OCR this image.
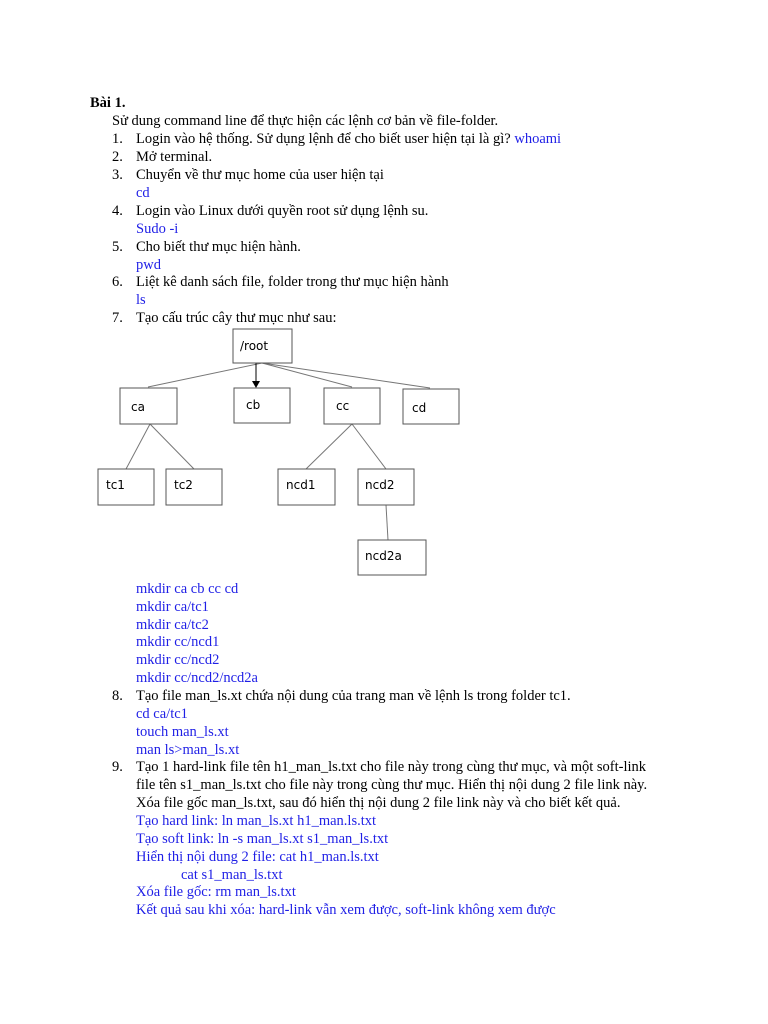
Bài 1.
Sử dung command line để thực hiện các lệnh cơ bản về file-folder.
1. Login vào hệ thống. Sử dụng lệnh để cho biết user hiện tại là gì? whoami
2. Mở terminal.
3. Chuyển về thư mục home của user hiện tại
cd
4. Login vào Linux dưới quyền root sử dụng lệnh su.
Sudo -i
5. Cho biết thư mục hiện hành.
pwd
6. Liệt kê danh sách file, folder trong thư mục hiện hành
ls
7. Tạo cấu trúc cây thư mục như sau:
/root
ca	cb	cc	cd
tc1	tc2	ncd1	ncd2
ncd2a
mkdir ca cb cc cd
mkdir ca/tc1
mkdir ca/tc2
mkdir cc/ncd1
mkdir cc/ncd2
mkdir cc/ncd2/ncd2a
8. Tạo file man_ls.xt chứa nội dung của trang man về lệnh ls trong folder tc1.
cd ca/tc1
touch man_ls.xt
man ls>man_ls.xt
9. Tạo 1 hard-link file tên h1_man_ls.txt cho file này trong cùng thư mục, và một soft-link
file tên s1_man_ls.txt cho file này trong cùng thư mục. Hiển thị nội dung 2 file link này.
Xóa file gốc man_ls.txt, sau đó hiển thị nội dung 2 file link này và cho biết kết quả.
Tạo hard link: ln man_ls.xt h1_man.ls.txt
Tạo soft link: ln -s man_ls.xt s1_man_ls.txt
Hiển thị nội dung 2 file: cat h1_man.ls.txt
cat s1_man_ls.txt
Xóa file gốc: rm man_ls.txt
Kết quả sau khi xóa: hard-link vẫn xem được, soft-link không xem được
